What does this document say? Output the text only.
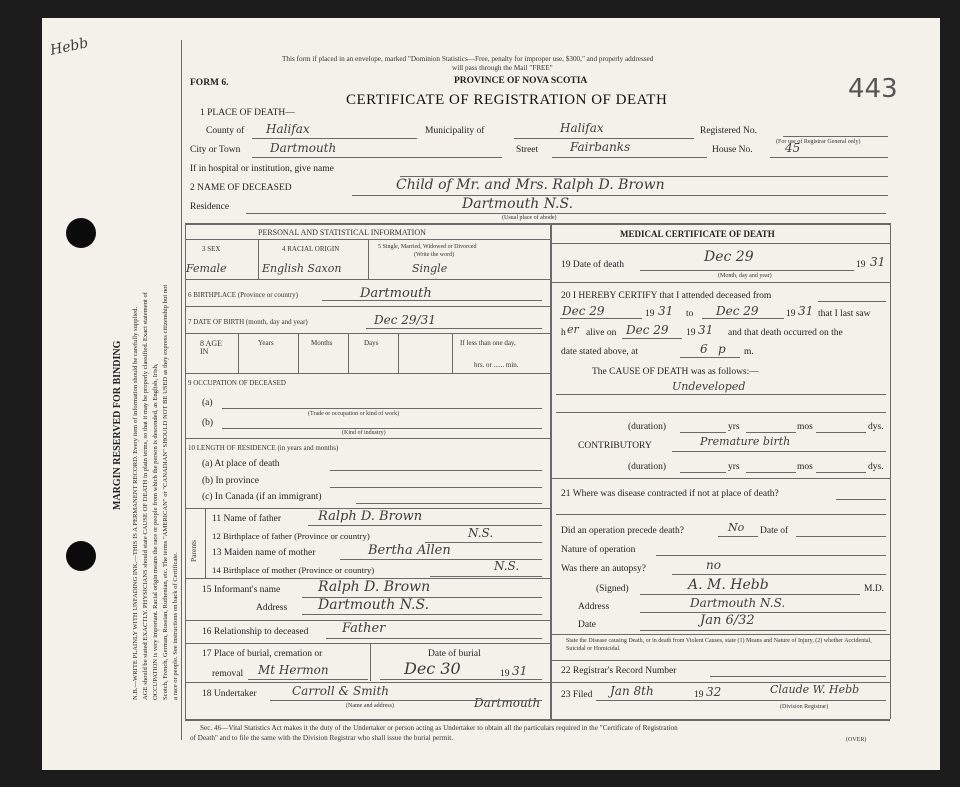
Hebb
443
MARGIN RESERVED FOR BINDING N.B.—WRITE PLAINLY WITH UNFADING INK.—THIS IS A PERMANENT RECORD. Every item of information should be carefully supplied. AGE should be stated EXACTLY. PHYSICIANS should state CAUSE OF DEATH in plain terms, so that it may be properly classified. Exact statement of OCCUPATION is very important. Racial origin means the race or people from which the person is descended, as English, Irish, Scotch, French, German, Russian, Ruthenian, etc. The terms "AMERICAN" or "CANADIAN" SHOULD NOT BE USED as they express citizenship but not a race or people. See instructions on back of Certificate.
This form if placed in an envelope, marked "Dominion Statistics—Free, penalty for improper use, $300," and properly addressed
will pass through the Mail "FREE"
FORM 6.	PROVINCE OF NOVA SCOTIA
CERTIFICATE OF REGISTRATION OF DEATH
1 PLACE OF DEATH—
County of Halifax	Municipality of	Halifax	Registered No.
(For use of Registrar General only)
City or Town Dartmouth	Street	Fairbanks	House No.	45
If in hospital or institution, give name
2 NAME OF DECEASED	Child of Mr. and Mrs. Ralph D. Brown
Residence	Dartmouth N.S.
(Usual place of abode)
PERSONAL AND STATISTICAL INFORMATION
3 SEX	4 RACIAL ORIGIN	5 Single, Married, Widowed or Divorced
(Write the word)
Female	English Saxon	Single
6 BIRTHPLACE (Province or country)	Dartmouth
7 DATE OF BIRTH (month, day and year)	Dec 29/31
8 AGE IN
Years	Months	Days	If less than one day,
hrs. or ...... min.
9 OCCUPATION OF DECEASED
(a)
(Trade or occupation or kind of work)
(b)
(Kind of industry)
10 LENGTH OF RESIDENCE (in years and months)
(a) At place of death
(b) In province
(c) In Canada (if an immigrant)
Parents
11 Name of father	Ralph D. Brown
12 Birthplace of father (Province or country)	N.S.
13 Maiden name of mother	Bertha Allen
14 Birthplace of mother (Province or country)	N.S.
15 Informant's name	Ralph D. Brown
Address Dartmouth N.S.
16 Relationship to deceased	Father
17 Place of burial, cremation or
removal Mt Hermon
Date of burial
Dec 30	19 31
18 Undertaker	Carroll & Smith
Dartmouth
(Name and address)
MEDICAL CERTIFICATE OF DEATH
19 Date of death	Dec 29
(Month, day and year)
19 31
20 I HEREBY CERTIFY that I attended deceased from
Dec 29	19 31 to Dec 29	19 31 that I last saw
h er alive on Dec 29 19 31 and that death occurred on the
date stated above, at	6 p m.
The CAUSE OF DEATH was as follows:—
Undeveloped
(duration)	yrs	mos	dys.
CONTRIBUTORY	Premature birth
(duration)	yrs	mos	dys.
21 Where was disease contracted if not at place of death?
Did an operation precede death?	No Date of
Nature of operation
Was there an autopsy?	no
(Signed)	A. M. Hebb	M.D.
Address	Dartmouth N.S.
Date	Jan 6/32
State the Disease causing Death, or in death from Violent Causes, state (1) Means and Nature of Injury, (2) whether Accidental, Suicidal or Homicidal.
22 Registrar's Record Number
23 Filed Jan 8th	19 32	Claude W. Hebb
(Division Registrar)
Sec. 46—Vital Statistics Act makes it the duty of the Undertaker or person acting as Undertaker to obtain all the particulars required in the "Certificate of Registration
of Death" and to file the same with the Division Registrar who shall issue the burial permit.	(OVER)
